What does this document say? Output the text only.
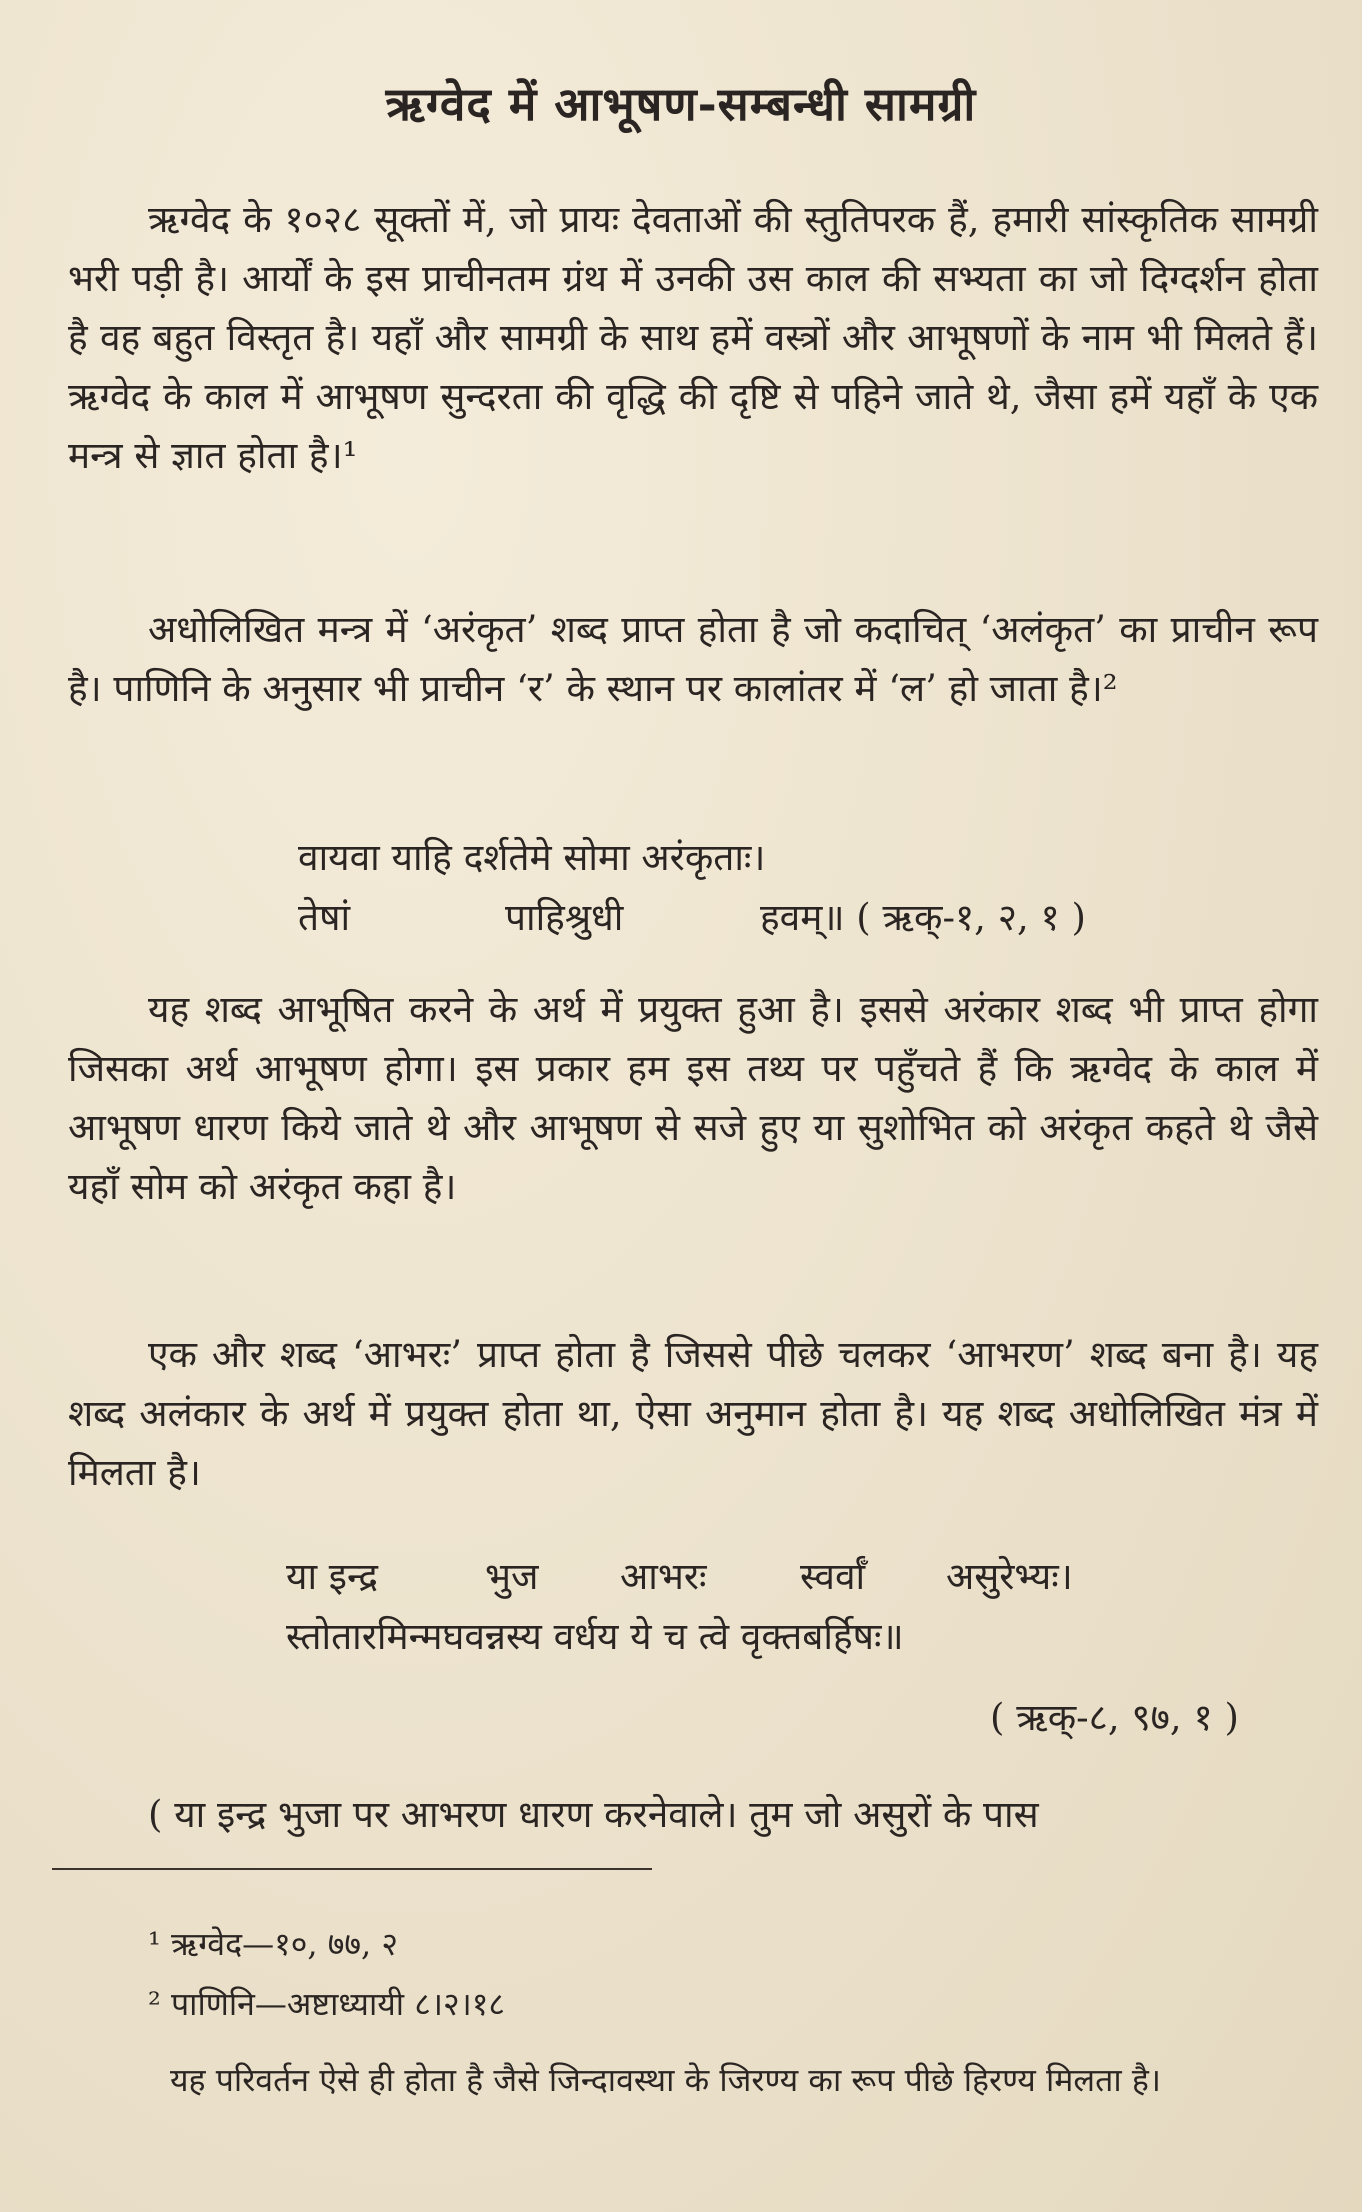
ऋग्वेद में आभूषण-सम्बन्धी सामग्री

ऋग्वेद के १०२८ सूक्तों में, जो प्रायः देवताओं की स्तुतिपरक हैं, हमारी सांस्कृतिक सामग्री भरी पड़ी है। आर्यों के इस प्राचीनतम ग्रंथ में उनकी उस काल की सभ्यता का जो दिग्दर्शन होता है वह बहुत विस्तृत है। यहाँ और सामग्री के साथ हमें वस्त्रों और आभूषणों के नाम भी मिलते हैं। ऋग्वेद के काल में आभूषण सुन्दरता की वृद्धि की दृष्टि से पहिने जाते थे, जैसा हमें यहाँ के एक मन्त्र से ज्ञात होता है।¹

अधोलिखित मन्त्र में ‘अरंकृत’ शब्द प्राप्त होता है जो कदाचित् ‘अलंकृत’ का प्राचीन रूप है। पाणिनि के अनुसार भी प्राचीन ‘र’ के स्थान पर कालांतर में ‘ल’ हो जाता है।²

वायवा याहि दर्शतेमे सोमा अरंकृताः।
तेषां	पाहिश्रुधी	हवम्॥ ( ऋक्-१, २, १ )

यह शब्द आभूषित करने के अर्थ में प्रयुक्त हुआ है। इससे अरंकार शब्द भी प्राप्त होगा जिसका अर्थ आभूषण होगा। इस प्रकार हम इस तथ्य पर पहुँचते हैं कि ऋग्वेद के काल में आभूषण धारण किये जाते थे और आभूषण से सजे हुए या सुशोभित को अरंकृत कहते थे जैसे यहाँ सोम को अरंकृत कहा है।

एक और शब्द ‘आभरः’ प्राप्त होता है जिससे पीछे चलकर ‘आभरण’ शब्द बना है। यह शब्द अलंकार के अर्थ में प्रयुक्त होता था, ऐसा अनुमान होता है। यह शब्द अधोलिखित मंत्र में मिलता है।

या इन्द्र	भुज आभरः	स्वर्वाँ असुरेभ्यः।
स्तोतारमिन्मघवन्नस्य वर्धय ये च त्वे वृक्तबर्हिषः॥
( ऋक्-८, ९७, १ )

( या इन्द्र भुजा पर आभरण धारण करनेवाले। तुम जो असुरों के पास

¹ ऋग्वेद—१०, ७७, २
² पाणिनि—अष्टाध्यायी ८।२।१८
यह परिवर्तन ऐसे ही होता है जैसे जिन्दावस्था के जिरण्य का रूप पीछे हिरण्य मिलता है।
